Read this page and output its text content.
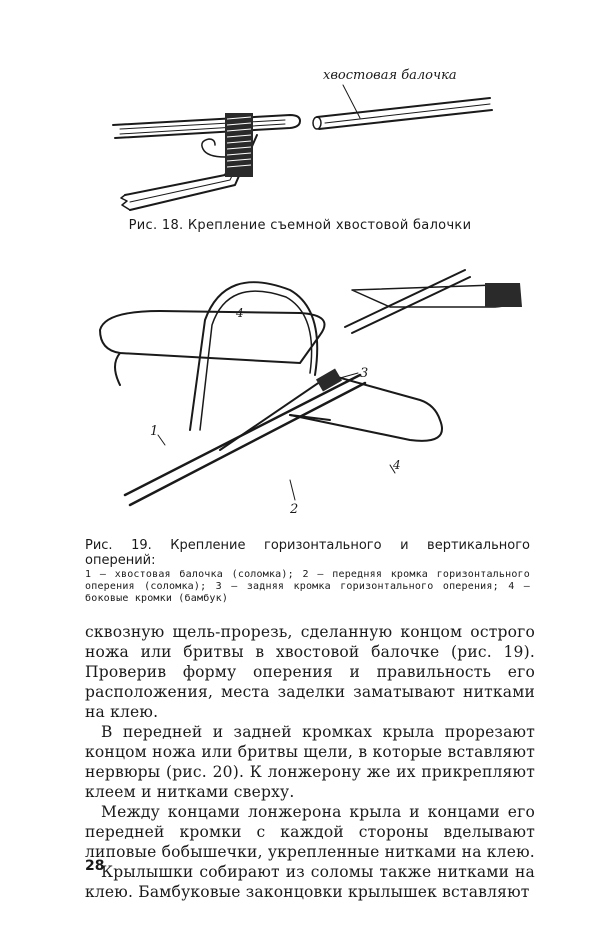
хвостовая балочка
Рис. 18. Крепление съемной хвостовой балочки
3
2
1
4
4
Рис. 19. Крепление горизонтального и вертикального оперений:
1 — хвостовая балочка (соломка); 2 — передняя кромка горизонтального оперения (соломка); 3 — задняя кромка горизонтального оперения; 4 — боковые кромки (бамбук)

сквозную щель-прорезь, сделанную концом острого ножа или бритвы в хвостовой балочке (рис. 19). Проверив форму оперения и правильность его расположения, места заделки заматывают нитками на клею.

В передней и задней кромках крыла прорезают концом ножа или бритвы щели, в которые вставляют нервюры (рис. 20). К лонжерону же их прикрепляют клеем и нитками сверху.

Между концами лонжерона крыла и концами его передней кромки с каждой стороны вделывают липовые бобышечки, укрепленные нитками на клею.

Крылышки собирают из соломы также нитками на клею. Бамбуковые законцовки крылышек вставляют

28
